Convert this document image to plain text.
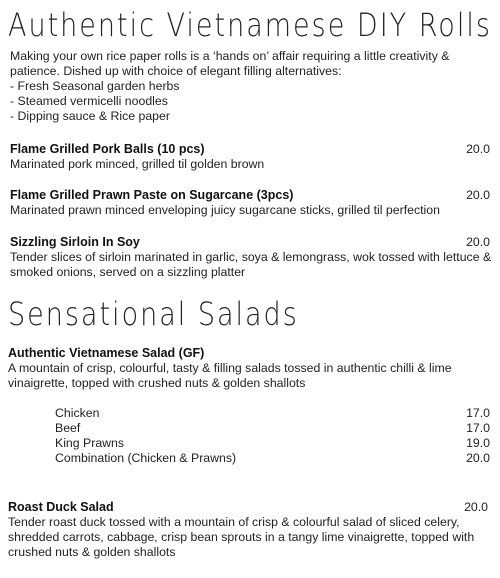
Authentic Vietnamese DIY Rolls

Making your own rice paper rolls is a ‘hands on’ affair requiring a little creativity & patience. Dished up with choice of elegant filling alternatives:

- Fresh Seasonal garden herbs
- Steamed vermicelli noodles
- Dipping sauce & Rice paper
Flame Grilled Pork Balls (10 pcs)	20.0

Marinated pork minced, grilled til golden brown

Flame Grilled Prawn Paste on Sugarcane (3pcs)	20.0

Marinated prawn minced enveloping juicy sugarcane sticks, grilled til perfection

Sizzling Sirloin In Soy	20.0

Tender slices of sirloin marinated in garlic, soya & lemongrass, wok tossed with lettuce & smoked onions, served on a sizzling platter

Sensational Salads
Authentic Vietnamese Salad (GF)

A mountain of crisp, colourful, tasty & filling salads tossed in authentic chilli & lime vinaigrette, topped with crushed nuts & golden shallots

Chicken	17.0
Beef	17.0
King Prawns	19.0
Combination (Chicken & Prawns)	20.0
Roast Duck Salad	20.0

Tender roast duck tossed with a mountain of crisp & colourful salad of sliced celery, shredded carrots, cabbage, crisp bean sprouts in a tangy lime vinaigrette, topped with crushed nuts & golden shallots
